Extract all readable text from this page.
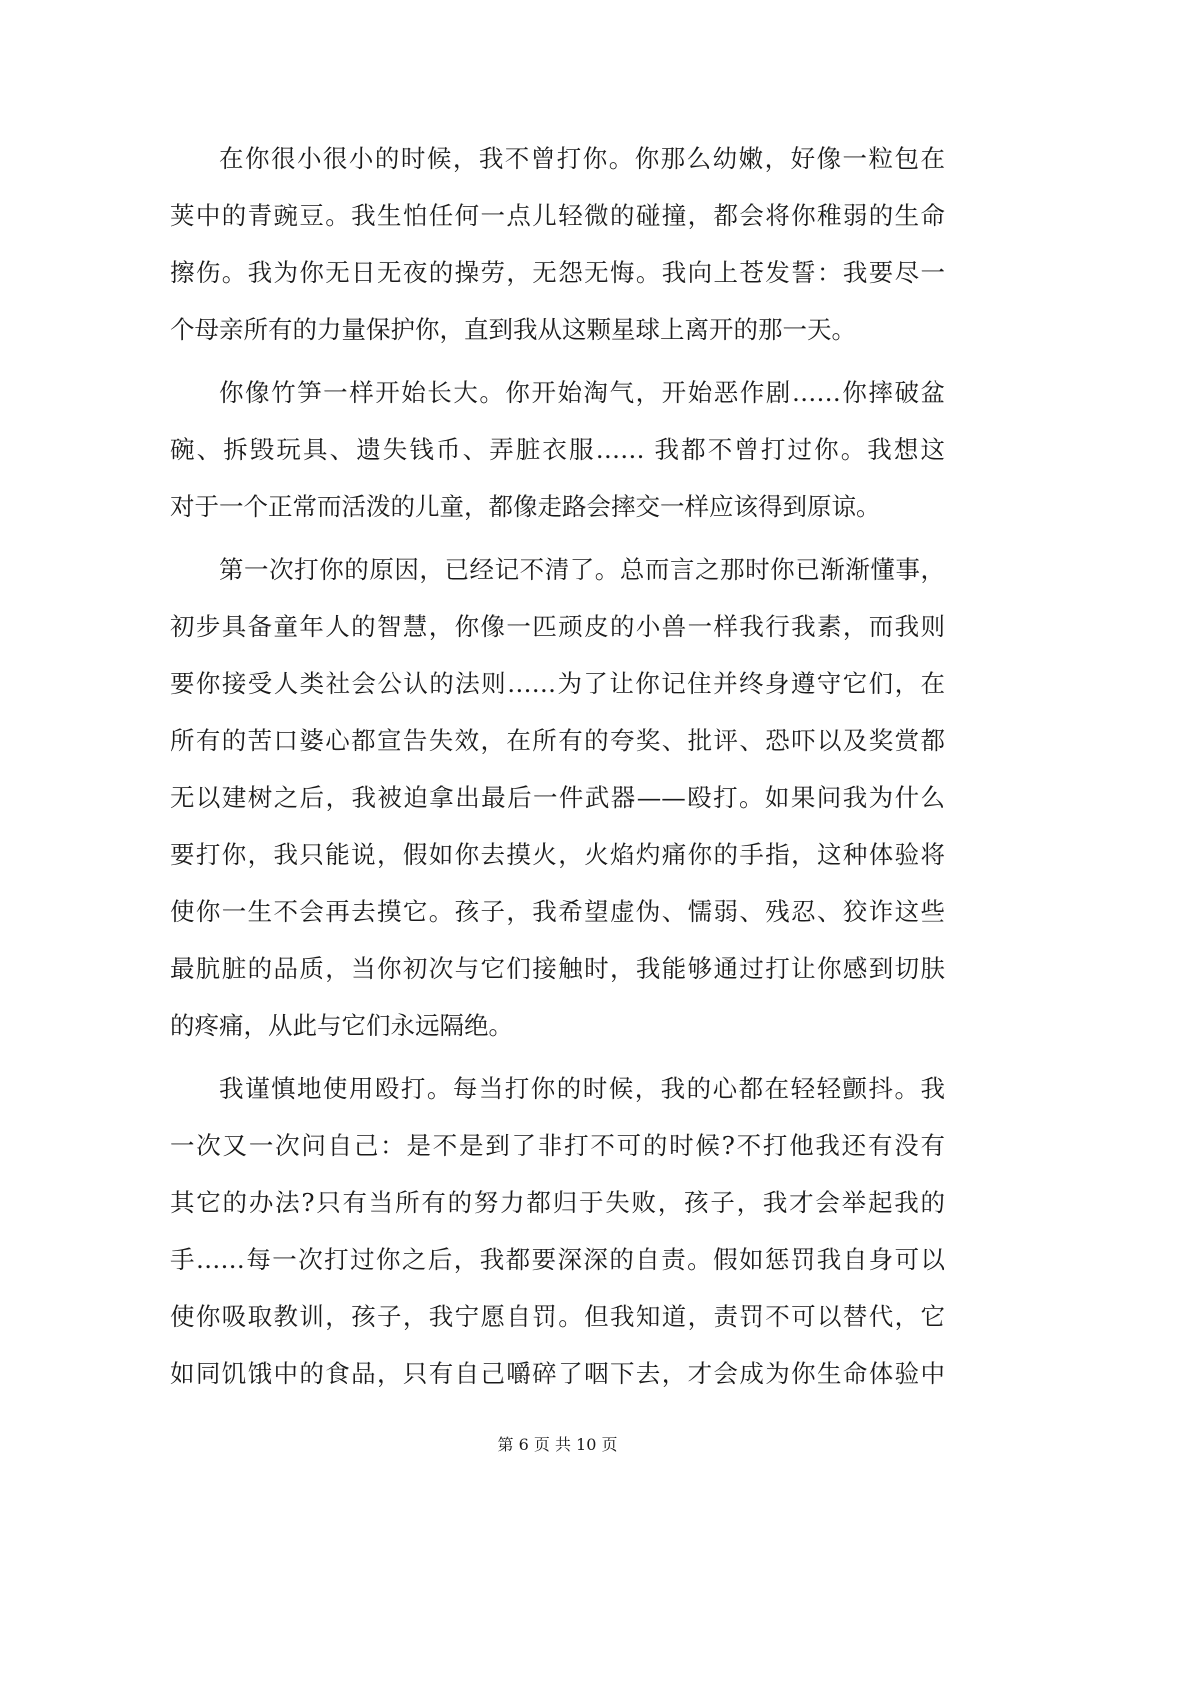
在你很小很小的时候，我不曾打你。你那么幼嫩，好像一粒包在
荚中的青豌豆。我生怕任何一点儿轻微的碰撞，都会将你稚弱的生命
擦伤。我为你无日无夜的操劳，无怨无悔。我向上苍发誓：我要尽一
个母亲所有的力量保护你，直到我从这颗星球上离开的那一天。
你像竹笋一样开始长大。你开始淘气，开始恶作剧……你摔破盆
碗、拆毁玩具、遗失钱币、弄脏衣服…… 我都不曾打过你。我想这
对于一个正常而活泼的儿童，都像走路会摔交一样应该得到原谅。
第一次打你的原因，已经记不清了。总而言之那时你已渐渐懂事，
初步具备童年人的智慧，你像一匹顽皮的小兽一样我行我素，而我则
要你接受人类社会公认的法则……为了让你记住并终身遵守它们，在
所有的苦口婆心都宣告失效，在所有的夸奖、批评、恐吓以及奖赏都
无以建树之后，我被迫拿出最后一件武器——殴打。如果问我为什么
要打你，我只能说，假如你去摸火，火焰灼痛你的手指，这种体验将
使你一生不会再去摸它。孩子，我希望虚伪、懦弱、残忍、狡诈这些
最肮脏的品质，当你初次与它们接触时，我能够通过打让你感到切肤
的疼痛，从此与它们永远隔绝。
我谨慎地使用殴打。每当打你的时候，我的心都在轻轻颤抖。我
一次又一次问自己：是不是到了非打不可的时候?不打他我还有没有
其它的办法?只有当所有的努力都归于失败，孩子，我才会举起我的
手……每一次打过你之后，我都要深深的自责。假如惩罚我自身可以
使你吸取教训，孩子，我宁愿自罚。但我知道，责罚不可以替代，它
如同饥饿中的食品，只有自己嚼碎了咽下去，才会成为你生命体验中
第 6 页 共 10 页
